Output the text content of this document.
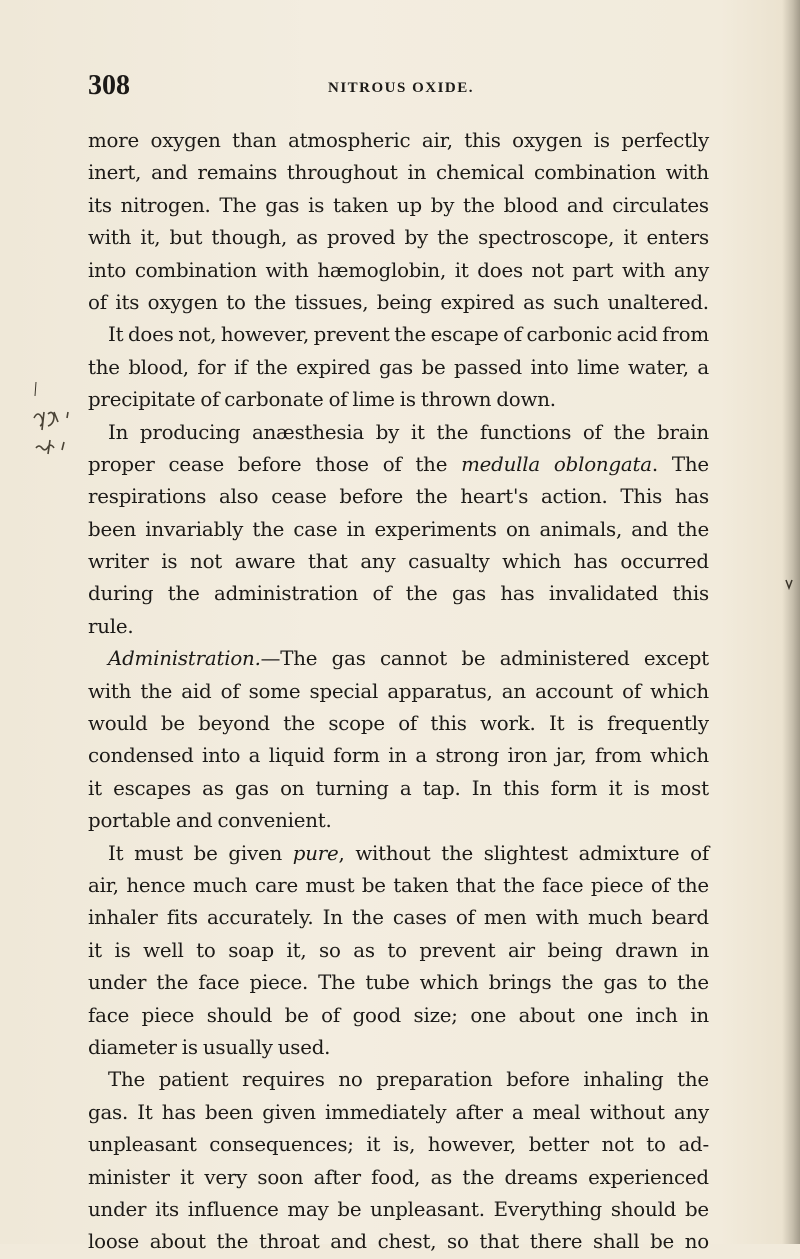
308	NITROUS OXIDE.
more oxygen than atmospheric air, this oxygen is perfectly
inert, and remains throughout in chemical combination with
its nitrogen. The gas is taken up by the blood and circulates
with it, but though, as proved by the spectroscope, it enters
into combination with hæmoglobin, it does not part with any
of its oxygen to the tissues, being expired as such unaltered.
It does not, however, prevent the escape of carbonic acid from
the blood, for if the expired gas be passed into lime water, a
precipitate of carbonate of lime is thrown down.
In producing anæsthesia by it the functions of the brain
proper cease before those of the medulla oblongata. The
respirations also cease before the heart's action. This has
been invariably the case in experiments on animals, and the
writer is not aware that any casualty which has occurred
during the administration of the gas has invalidated this
rule.
Administration.—The gas cannot be administered except
with the aid of some special apparatus, an account of which
would be beyond the scope of this work. It is frequently
condensed into a liquid form in a strong iron jar, from which
it escapes as gas on turning a tap. In this form it is most
portable and convenient.
It must be given pure, without the slightest admixture of
air, hence much care must be taken that the face piece of the
inhaler fits accurately. In the cases of men with much beard
it is well to soap it, so as to prevent air being drawn in
under the face piece. The tube which brings the gas to the
face piece should be of good size; one about one inch in
diameter is usually used.
The patient requires no preparation before inhaling the
gas. It has been given immediately after a meal without any
unpleasant consequences; it is, however, better not to ad-
minister it very soon after food, as the dreams experienced
under its influence may be unpleasant. Everything should be
loose about the throat and chest, so that there shall be no
